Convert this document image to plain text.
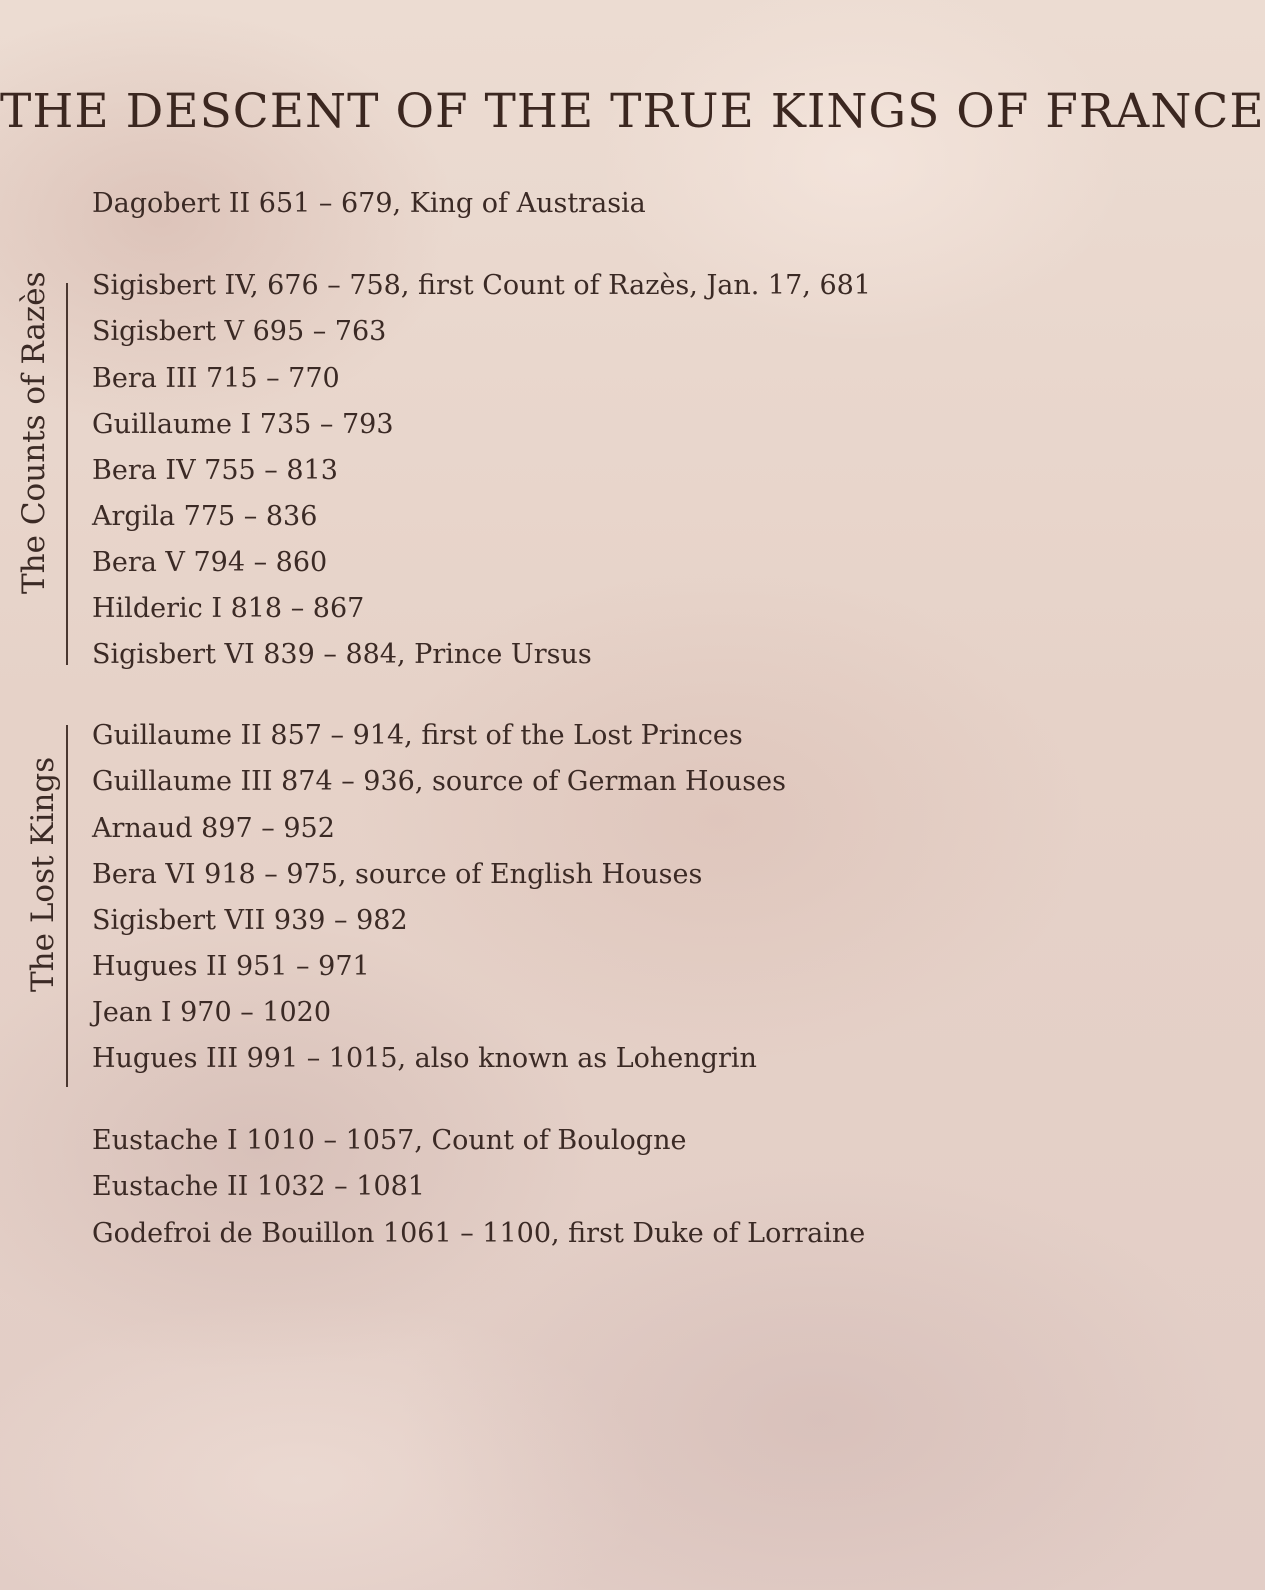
THE DESCENT OF THE TRUE KINGS OF FRANCE
Dagobert II 651 – 679, King of Austrasia
The Counts of Razès Sigisbert IV, 676 – 758, first Count of Razès, Jan. 17, 681
Sigisbert V 695 – 763
Bera III 715 – 770
Guillaume I 735 – 793
Bera IV 755 – 813
Argila 775 – 836
Bera V 794 – 860
Hilderic I 818 – 867
Sigisbert VI 839 – 884, Prince Ursus
The Lost Kings
Guillaume II 857 – 914, first of the Lost Princes
Guillaume III 874 – 936, source of German Houses
Arnaud 897 – 952
Bera VI 918 – 975, source of English Houses
Sigisbert VII 939 – 982
Hugues II 951 – 971
Jean I 970 – 1020
Hugues III 991 – 1015, also known as Lohengrin
Eustache I 1010 – 1057, Count of Boulogne
Eustache II 1032 – 1081
Godefroi de Bouillon 1061 – 1100, first Duke of Lorraine
